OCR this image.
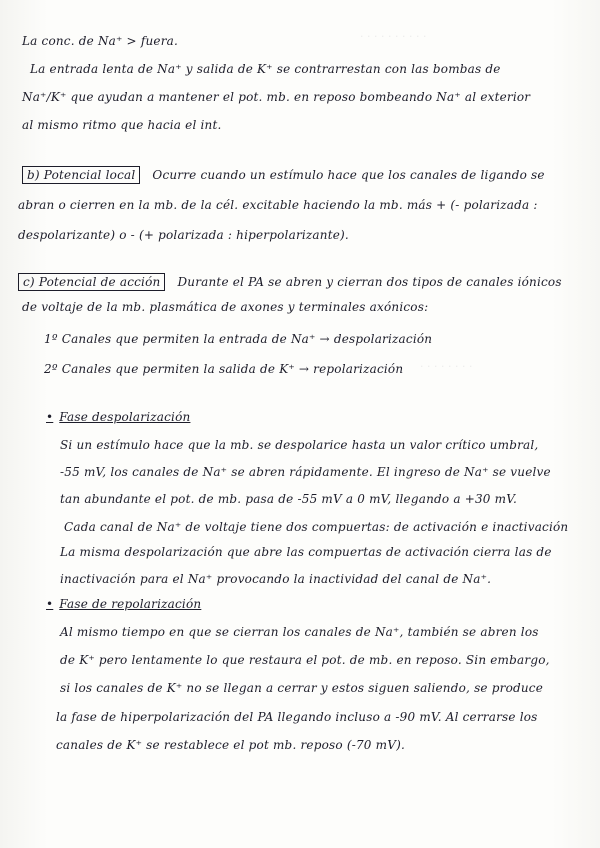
· · · · · · · · · ·
· · · · · · · ·
La conc. de Na⁺ > fuera.
La entrada lenta de Na⁺ y salida de K⁺ se contrarrestan con las bombas de
Na⁺/K⁺ que ayudan a mantener el pot. mb. en reposo bombeando Na⁺ al exterior
al mismo ritmo que hacia el int.
b) Potencial local Ocurre cuando un estímulo hace que los canales de ligando se
abran o cierren en la mb. de la cél. excitable haciendo la mb. más + (- polarizada :
despolarizante) o - (+ polarizada : hiperpolarizante).
c) Potencial de acción Durante el PA se abren y cierran dos tipos de canales iónicos
de voltaje de la mb. plasmática de axones y terminales axónicos:
1º Canales que permiten la entrada de Na⁺ → despolarización
2º Canales que permiten la salida de K⁺ → repolarización
• Fase despolarización
Si un estímulo hace que la mb. se despolarice hasta un valor crítico umbral,
-55 mV, los canales de Na⁺ se abren rápidamente. El ingreso de Na⁺ se vuelve
tan abundante el pot. de mb. pasa de -55 mV a 0 mV, llegando a +30 mV.
Cada canal de Na⁺ de voltaje tiene dos compuertas: de activación e inactivación
La misma despolarización que abre las compuertas de activación cierra las de
inactivación para el Na⁺ provocando la inactividad del canal de Na⁺.
• Fase de repolarización
Al mismo tiempo en que se cierran los canales de Na⁺, también se abren los
de K⁺ pero lentamente lo que restaura el pot. de mb. en reposo. Sin embargo,
si los canales de K⁺ no se llegan a cerrar y estos siguen saliendo, se produce
la fase de hiperpolarización del PA llegando incluso a -90 mV. Al cerrarse los
canales de K⁺ se restablece el pot mb. reposo (-70 mV).
